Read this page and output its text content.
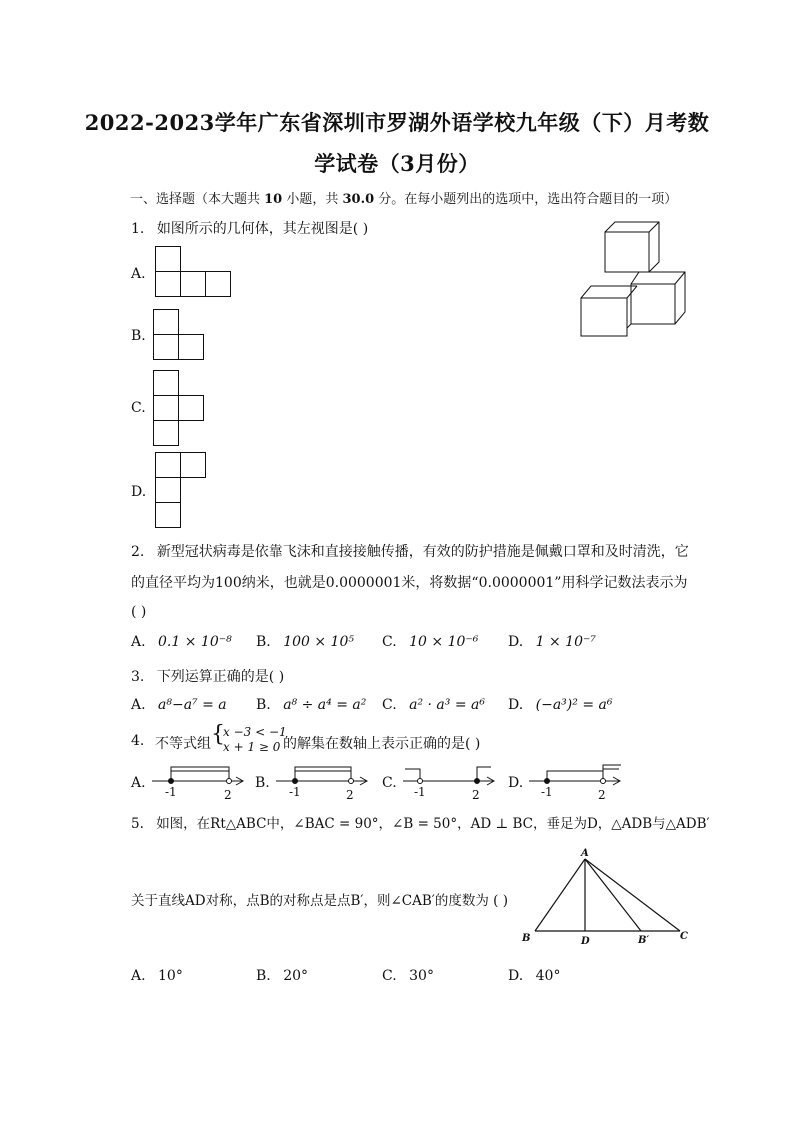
2022-2023学年广东省深圳市罗湖外语学校九年级（下）月考数
学试卷（3月份）
一、选择题（本大题共 10 小题，共 30.0 分。在每小题列出的选项中，选出符合题目的一项）
1. 如图所示的几何体，其左视图是( )
A.
B.
C.
D.
2. 新型冠状病毒是依靠飞沫和直接接触传播，有效的防护措施是佩戴口罩和及时清洗，它
的直径平均为100纳米，也就是0.0000001米，将数据“0.0000001”用科学记数法表示为
( )
A. 0.1 × 10⁻⁸ B. 100 × 10⁵ C. 10 × 10⁻⁶ D. 1 × 10⁻⁷
3. 下列运算正确的是( )
A. a⁸−a⁷ = a B. a⁸ ÷ a⁴ = a² C. a² · a³ = a⁶ D. (−a³)² = a⁶
4. 不等式组 {
x −3 < −1
x + 1 ≥ 0 的解集在数轴上表示正确的是( )
A.
-1	2
B.
-1	2
C.
-1	2
D.
-1	2
5. 如图，在Rt△ABC中，∠BAC = 90°，∠B = 50°，AD ⊥ BC，垂足为D，△ADB与△ADB′
关于直线AD对称，点B的对称点是点B′，则∠CAB′的度数为 ( )
A
B	D	B′	C
A. 10°	B. 20°	C. 30°	D. 40°
